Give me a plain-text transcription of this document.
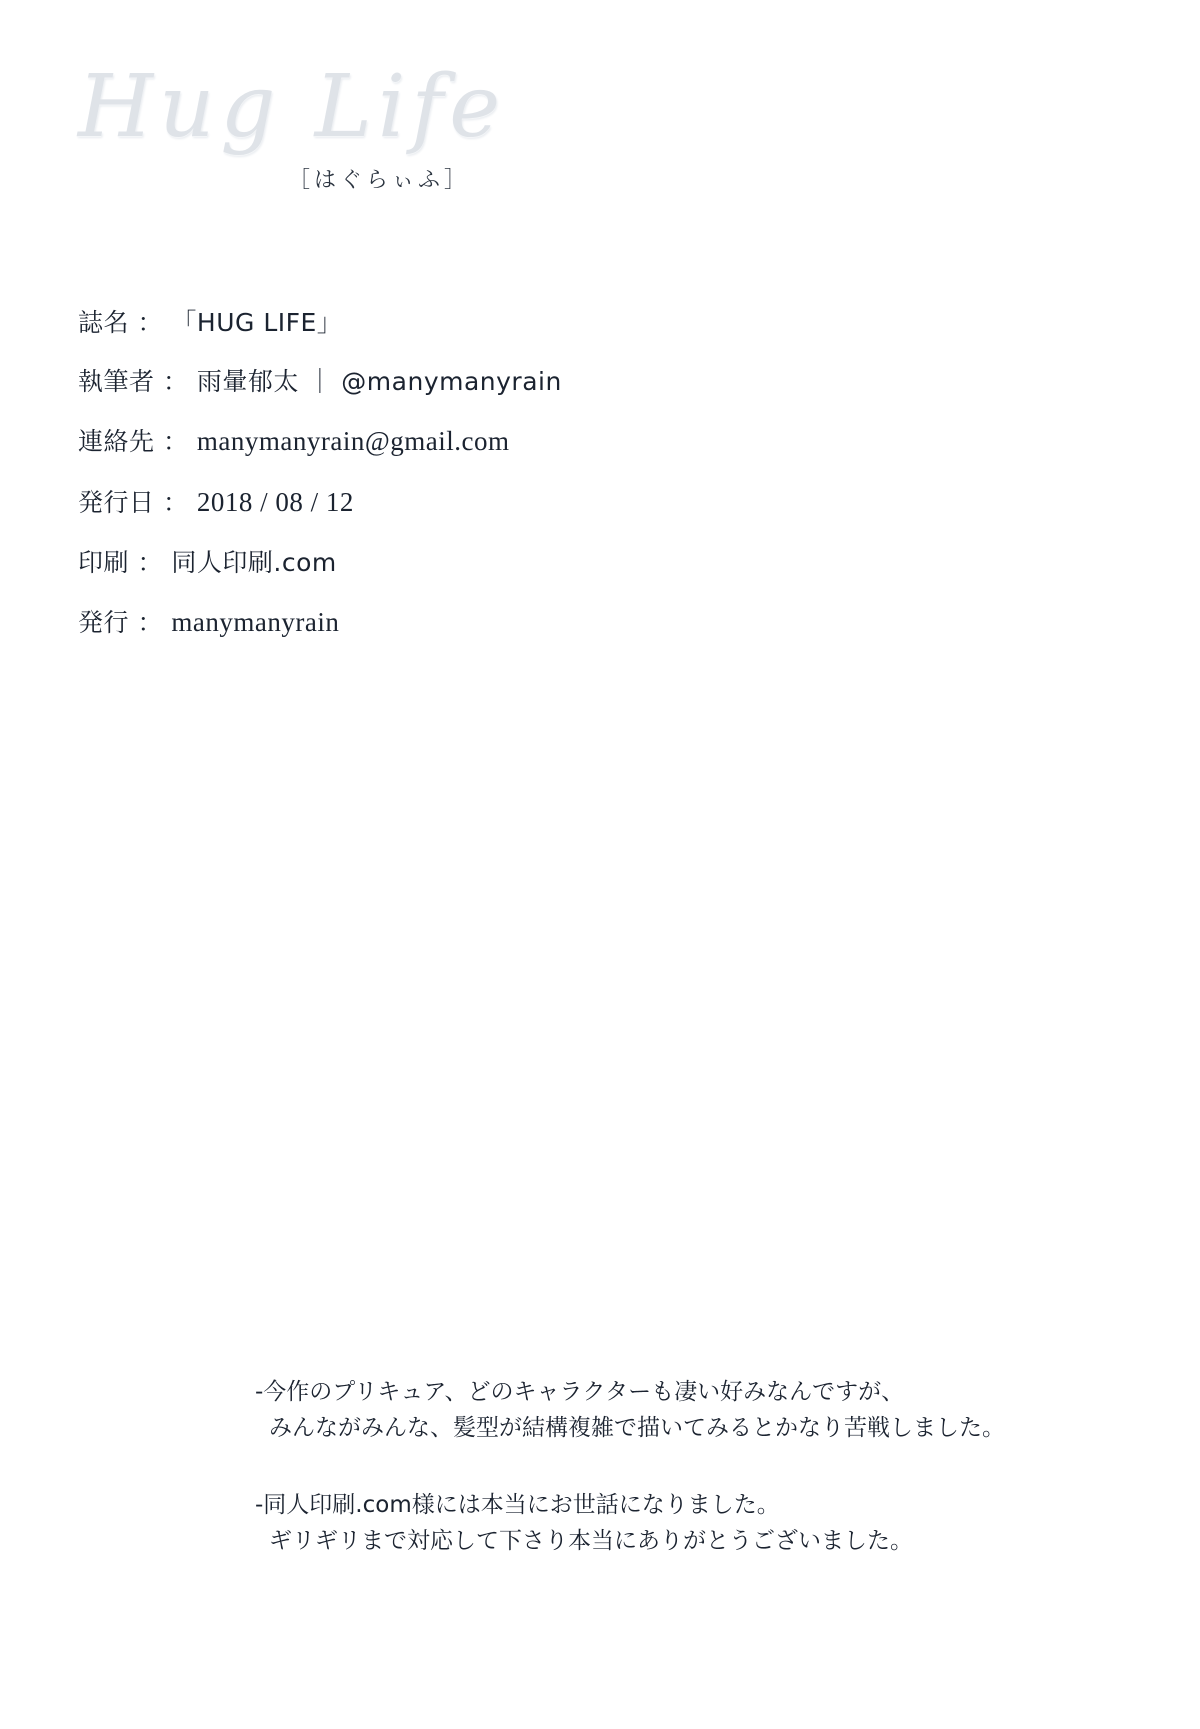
Hug Life
［はぐらぃふ］
誌名 ： 「HUG LIFE」
執筆者 ： 雨暈郁太 ｜ @manymanyrain
連絡先 ： manymanyrain@gmail.com
発行日 ： 2018 / 08 / 12
印刷 ： 同人印刷.com
発行 ： manymanyrain
-今作のプリキュア、どのキャラクターも凄い好みなんですが、
みんながみんな、髪型が結構複雑で描いてみるとかなり苦戦しました。
-同人印刷.com様には本当にお世話になりました。
ギリギリまで対応して下さり本当にありがとうございました。
